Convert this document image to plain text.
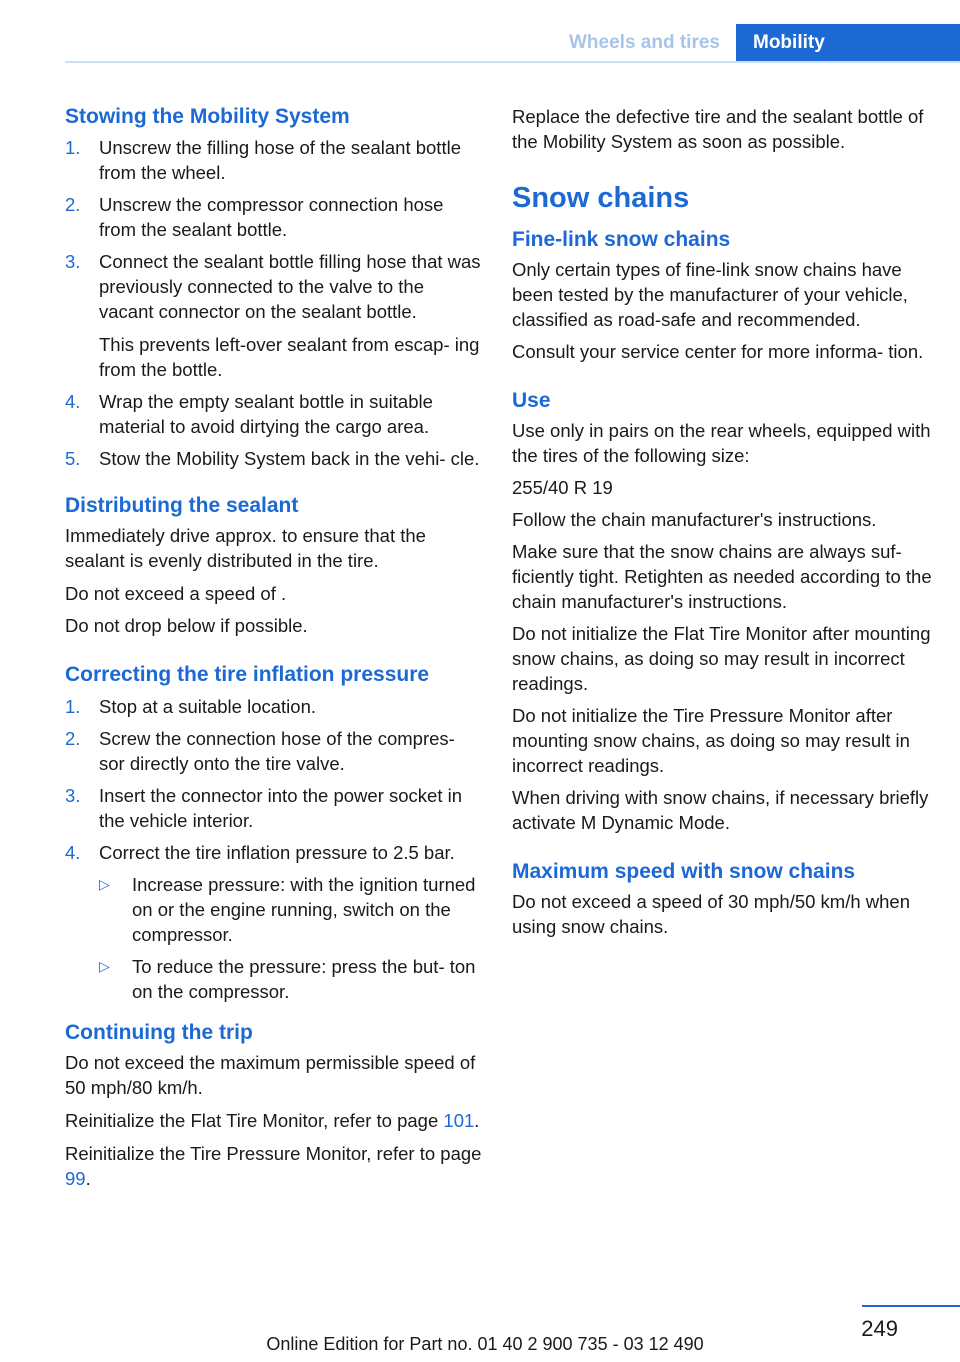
Wheels and tires	Mobility
Stowing the Mobility System
1. Unscrew the filling hose of the sealant bottle from the wheel.
2. Unscrew the compressor connection hose from the sealant bottle.
3. Connect the sealant bottle filling hose that was previously connected to the valve to the vacant connector on the sealant bottle.
This prevents left-over sealant from escap‐ ing from the bottle.
4. Wrap the empty sealant bottle in suitable material to avoid dirtying the cargo area.
5. Stow the Mobility System back in the vehi‐ cle.
Distributing the sealant

Immediately drive approx. to ensure that the sealant is evenly distributed in the tire.

Do not exceed a speed of .

Do not drop below if possible.

Correcting the tire inflation pressure
1. Stop at a suitable location.
2. Screw the connection hose of the compres‐ sor directly onto the tire valve.
3. Insert the connector into the power socket in the vehicle interior.
4. Correct the tire inflation pressure to 2.5 bar.
▷ Increase pressure: with the ignition turned on or the engine running, switch on the compressor.
▷ To reduce the pressure: press the but‐ ton on the compressor.
Continuing the trip

Do not exceed the maximum permissible speed of 50 mph/80 km/h.

Reinitialize the Flat Tire Monitor, refer to page 101.

Reinitialize the Tire Pressure Monitor, refer to page 99.

Replace the defective tire and the sealant bottle of the Mobility System as soon as possible.

Snow chains
Fine-link snow chains

Only certain types of fine-link snow chains have been tested by the manufacturer of your vehicle, classified as road-safe and recommended.

Consult your service center for more informa‐ tion.

Use

Use only in pairs on the rear wheels, equipped with the tires of the following size:

255/40 R 19

Follow the chain manufacturer's instructions.

Make sure that the snow chains are always suf‐ ficiently tight. Retighten as needed according to the chain manufacturer's instructions.

Do not initialize the Flat Tire Monitor after mounting snow chains, as doing so may result in incorrect readings.

Do not initialize the Tire Pressure Monitor after mounting snow chains, as doing so may result in incorrect readings.

When driving with snow chains, if necessary briefly activate M Dynamic Mode.

Maximum speed with snow chains

Do not exceed a speed of 30 mph/50 km/h when using snow chains.

249
Online Edition for Part no. 01 40 2 900 735 - 03 12 490
